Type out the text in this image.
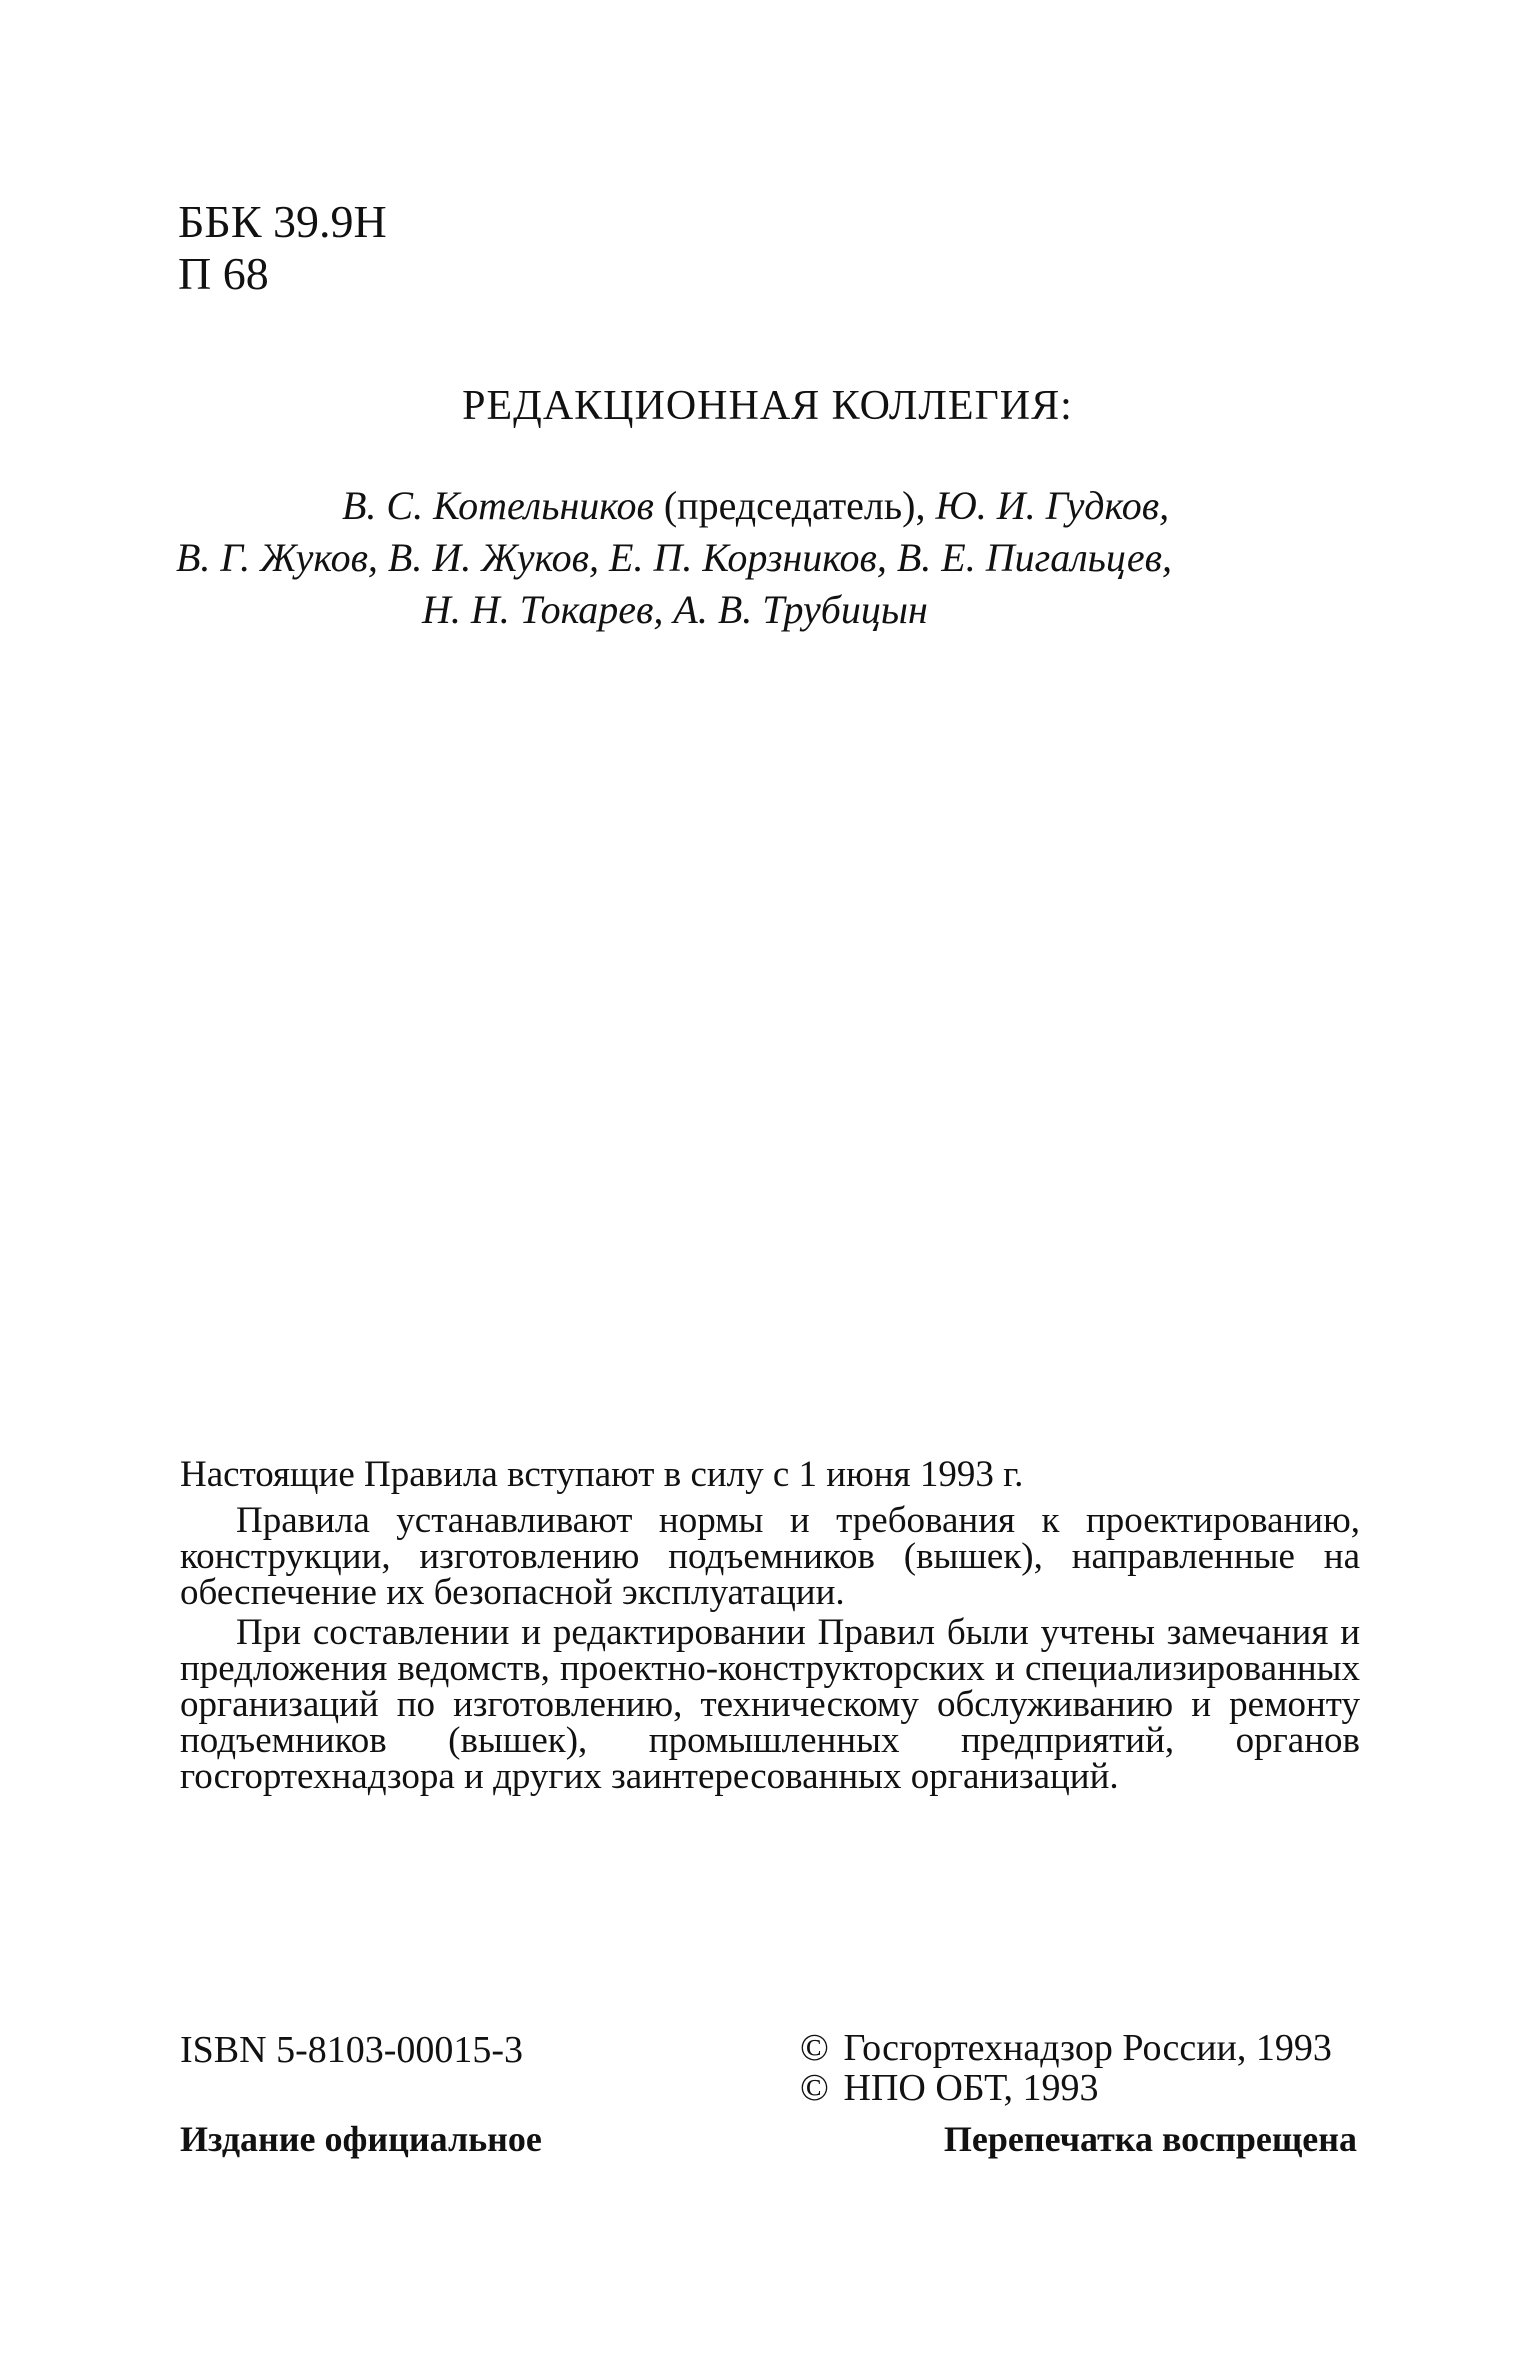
ББК 39.9Н
П 68
РЕДАКЦИОННАЯ КОЛЛЕГИЯ:
В. С. Котельников (председатель), Ю. И. Гудков,
В. Г. Жуков, В. И. Жуков, Е. П. Корзников, В. Е. Пигальцев,
Н. Н. Токарев, А. В. Трубицын

Настоящие Правила вступают в силу с 1 июня 1993 г.

Правила устанавливают нормы и требования к проектированию, конструкции, изготовлению подъемников (вышек), направленные на обеспечение их безопасной эксплуатации.

При составлении и редактировании Правил были учтены замечания и предложения ведомств, проектно-конструкторских и специализированных организаций по изготовлению, техническому обслуживанию и ремонту подъемников (вышек), промышленных предприятий, органов госгортехнадзора и других заинтересованных организаций.

ISBN 5-8103-00015-3	© Госгортехнадзор России, 1993
© НПО ОБТ, 1993
Издание официальное	Перепечатка воспрещена
